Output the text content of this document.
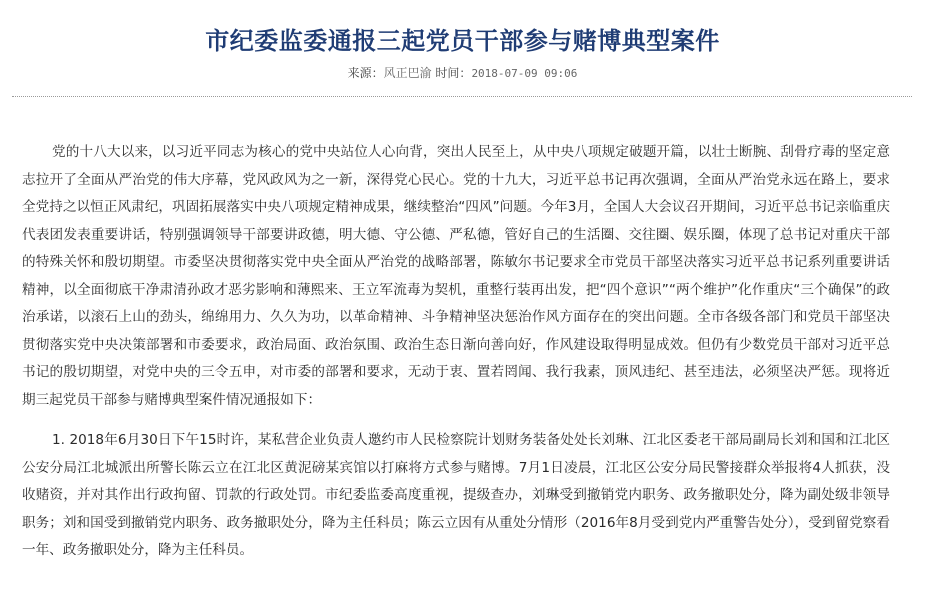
市纪委监委通报三起党员干部参与赌博典型案件
来源：风正巴渝 时间：2018-07-09 09:06

党的十八大以来，以习近平同志为核心的党中央站位人心向背，突出人民至上，从中央八项规定破题开篇，以壮士断腕、刮骨疗毒的坚定意志拉开了全面从严治党的伟大序幕，党风政风为之一新，深得党心民心。党的十九大，习近平总书记再次强调，全面从严治党永远在路上，要求全党持之以恒正风肃纪，巩固拓展落实中央八项规定精神成果，继续整治“四风”问题。今年3月，全国人大会议召开期间，习近平总书记亲临重庆代表团发表重要讲话，特别强调领导干部要讲政德，明大德、守公德、严私德，管好自己的生活圈、交往圈、娱乐圈，体现了总书记对重庆干部的特殊关怀和殷切期望。市委坚决贯彻落实党中央全面从严治党的战略部署，陈敏尔书记要求全市党员干部坚决落实习近平总书记系列重要讲话精神，以全面彻底干净肃清孙政才恶劣影响和薄熙来、王立军流毒为契机，重整行装再出发，把“四个意识”“两个维护”化作重庆“三个确保”的政治承诺，以滚石上山的劲头，绵绵用力、久久为功，以革命精神、斗争精神坚决惩治作风方面存在的突出问题。全市各级各部门和党员干部坚决贯彻落实党中央决策部署和市委要求，政治局面、政治氛围、政治生态日渐向善向好，作风建设取得明显成效。但仍有少数党员干部对习近平总书记的殷切期望，对党中央的三令五申，对市委的部署和要求，无动于衷、置若罔闻、我行我素，顶风违纪、甚至违法，必须坚决严惩。现将近期三起党员干部参与赌博典型案件情况通报如下：

1. 2018年6月30日下午15时许，某私营企业负责人邀约市人民检察院计划财务装备处处长刘琳、江北区委老干部局副局长刘和国和江北区公安分局江北城派出所警长陈云立在江北区黄泥磅某宾馆以打麻将方式参与赌博。7月1日凌晨，江北区公安分局民警接群众举报将4人抓获，没收赌资，并对其作出行政拘留、罚款的行政处罚。市纪委监委高度重视，提级查办，刘琳受到撤销党内职务、政务撤职处分，降为副处级非领导职务；刘和国受到撤销党内职务、政务撤职处分，降为主任科员；陈云立因有从重处分情形（2016年8月受到党内严重警告处分），受到留党察看一年、政务撤职处分，降为主任科员。
